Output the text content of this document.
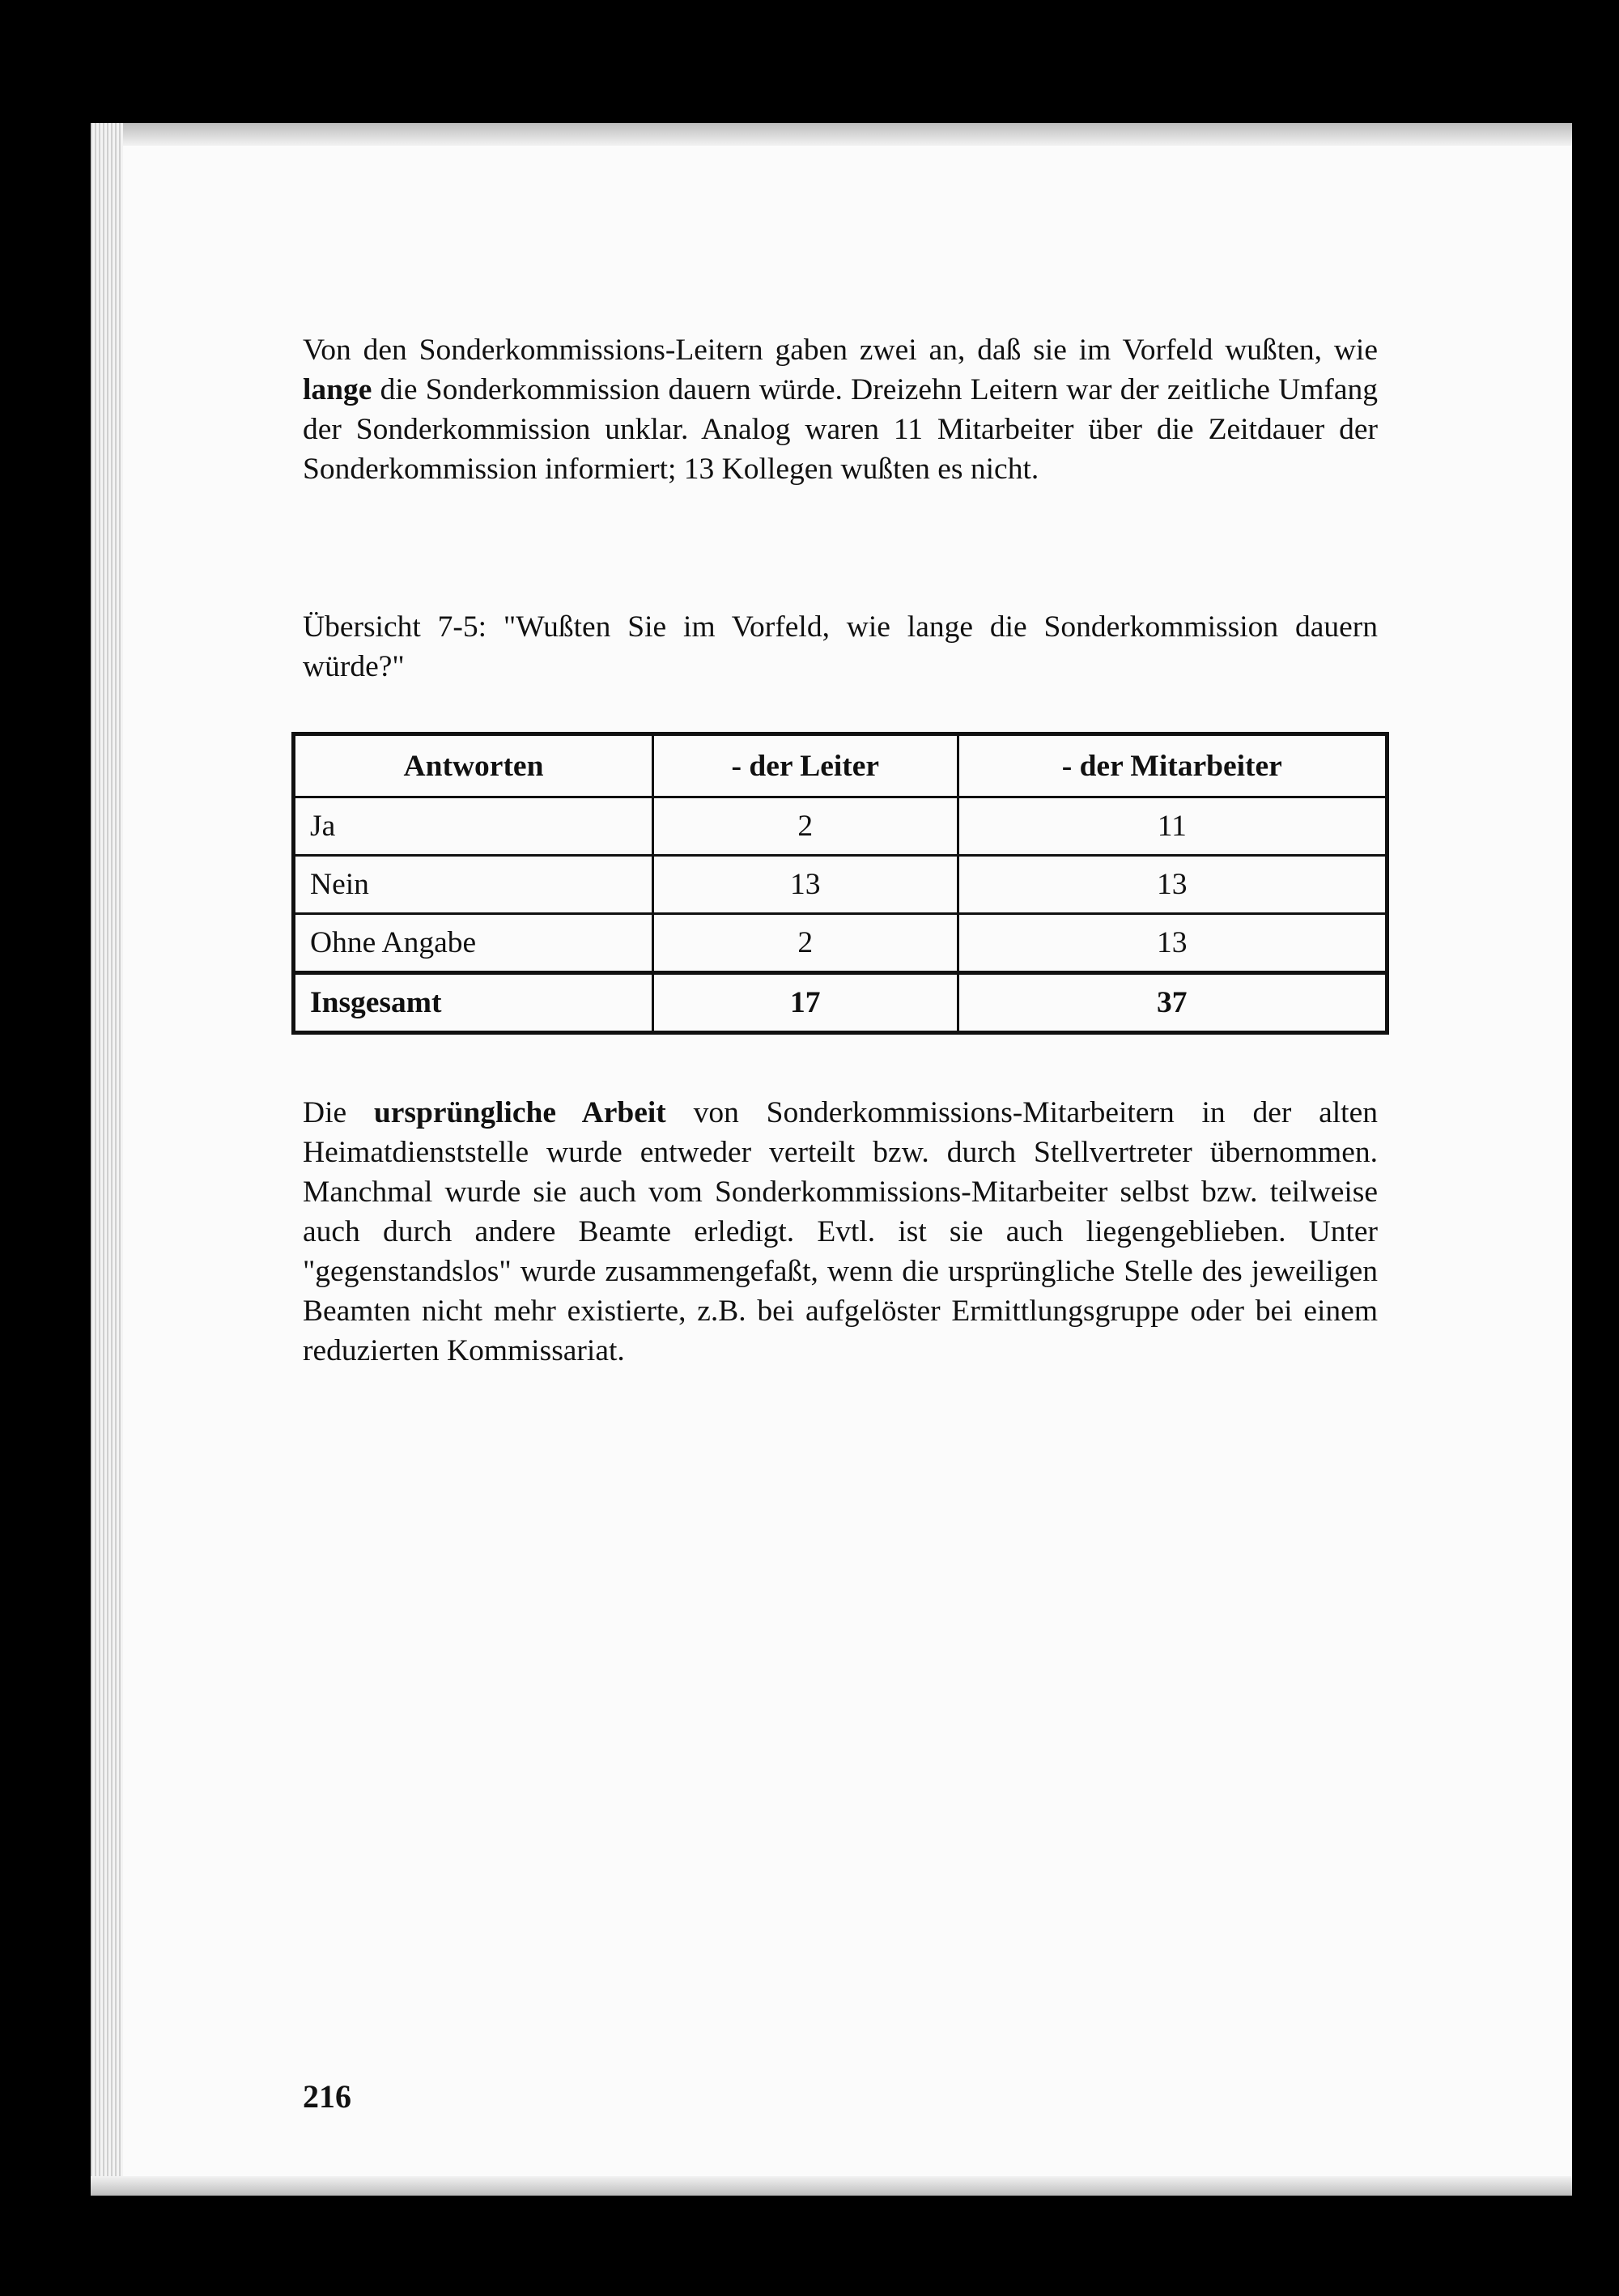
Von den Sonderkommissions-Leitern gaben zwei an, daß sie im Vorfeld wußten, wie lange die Sonderkommission dauern würde. Dreizehn Leitern war der zeitliche Umfang der Sonderkommission unklar. Analog waren 11 Mitarbeiter über die Zeitdauer der Sonderkommission informiert; 13 Kollegen wußten es nicht.

Übersicht 7-5: "Wußten Sie im Vorfeld, wie lange die Sonderkommission dauern würde?"

Antworten	- der Leiter	- der Mitarbeiter
Ja	2	11
Nein	13	13
Ohne Angabe	2	13
Insgesamt	17	37

Die ursprüngliche Arbeit von Sonderkommissions-Mitarbeitern in der alten Heimatdienststelle wurde entweder verteilt bzw. durch Stellvertreter übernommen. Manchmal wurde sie auch vom Sonderkommissions-Mitarbeiter selbst bzw. teilweise auch durch andere Beamte erledigt. Evtl. ist sie auch liegengeblieben. Unter "gegenstandslos" wurde zusammengefaßt, wenn die ursprüngliche Stelle des jeweiligen Beamten nicht mehr existierte, z.B. bei aufgelöster Ermittlungsgruppe oder bei einem reduzierten Kommissariat.

216
